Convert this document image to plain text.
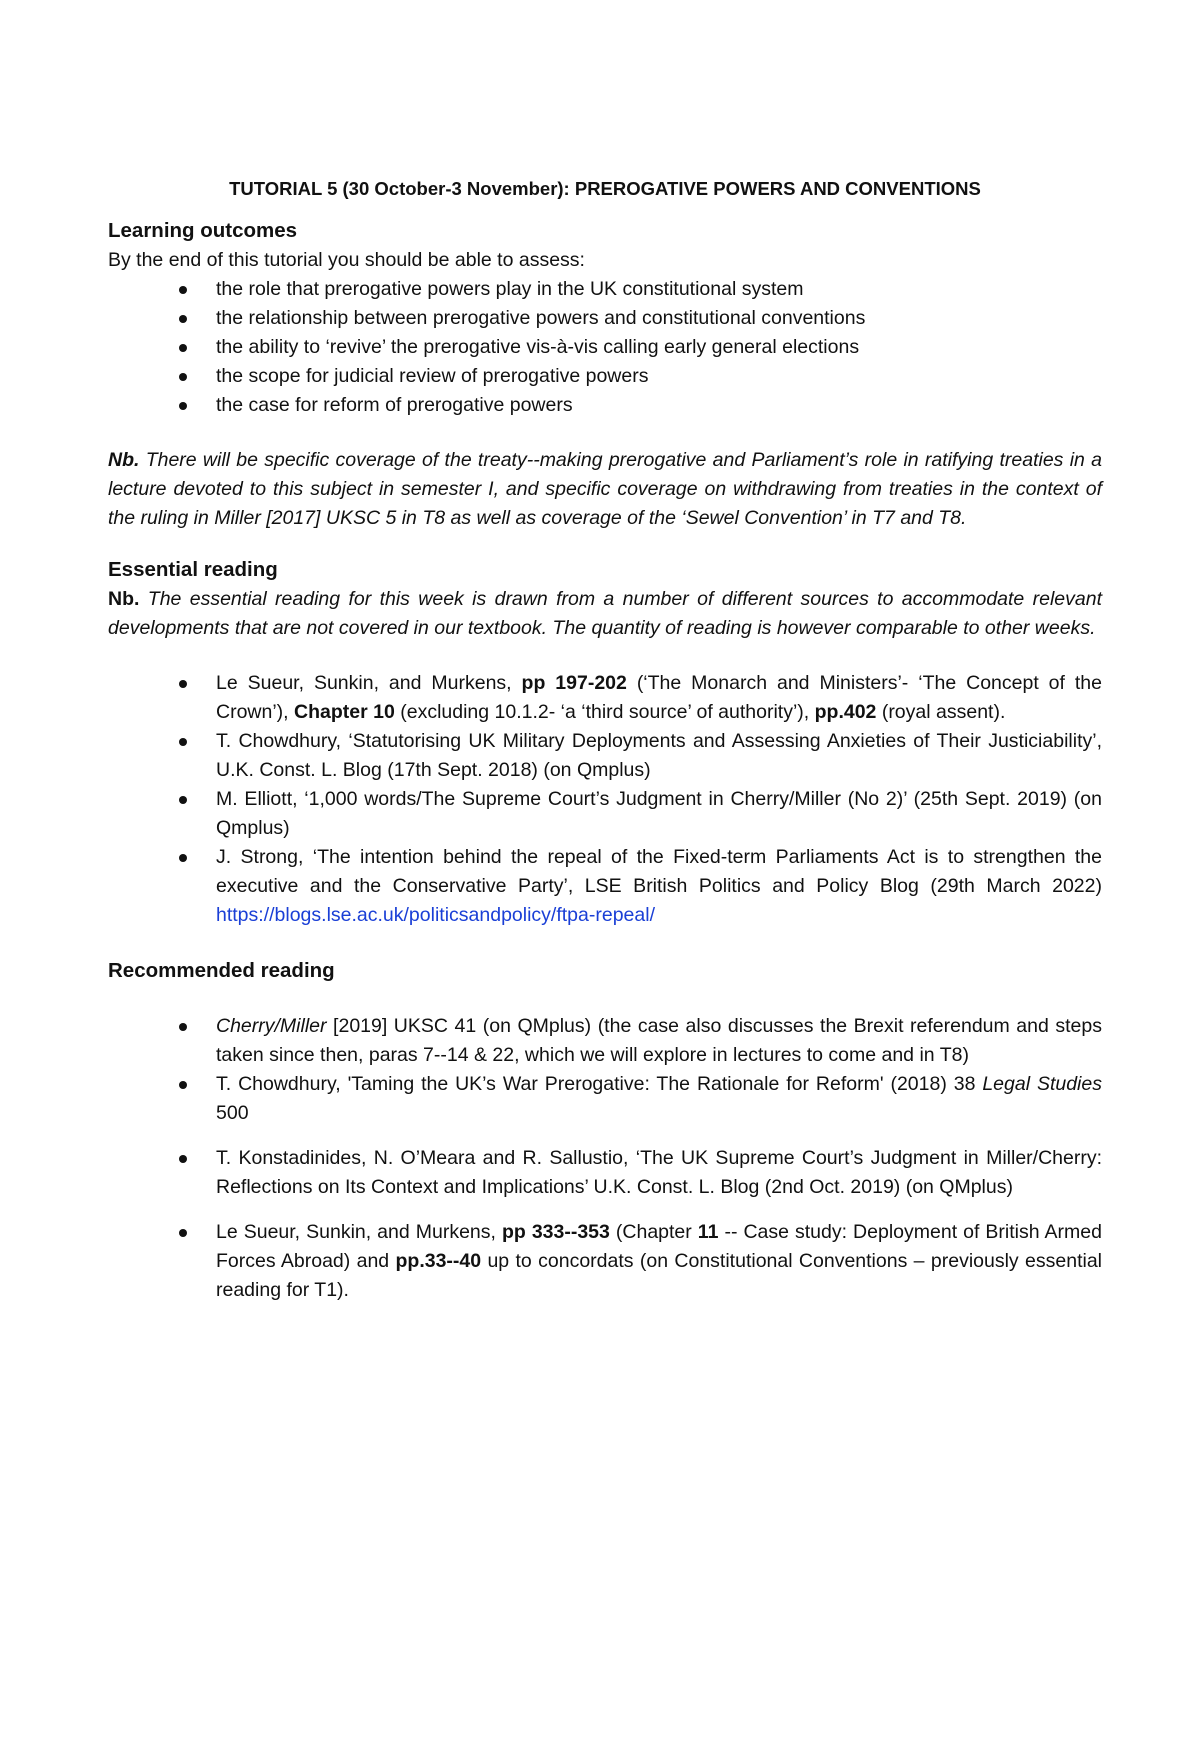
TUTORIAL 5 (30 October-3 November): PREROGATIVE POWERS AND CONVENTIONS

Learning outcomes

By the end of this tutorial you should be able to assess:

the role that prerogative powers play in the UK constitutional system
the relationship between prerogative powers and constitutional conventions
the ability to ‘revive’ the prerogative vis-à-vis calling early general elections
the scope for judicial review of prerogative powers
the case for reform of prerogative powers

Nb. There will be specific coverage of the treaty--making prerogative and Parliament’s role in ratifying treaties in a lecture devoted to this subject in semester I, and specific coverage on withdrawing from treaties in the context of the ruling in Miller [2017] UKSC 5 in T8 as well as coverage of the ‘Sewel Convention’ in T7 and T8.

Essential reading

Nb. The essential reading for this week is drawn from a number of different sources to accommodate relevant developments that are not covered in our textbook. The quantity of reading is however comparable to other weeks.

Le Sueur, Sunkin, and Murkens, pp 197-202 (‘The Monarch and Ministers’- ‘The Concept of the Crown’), Chapter 10 (excluding 10.1.2- ‘a ‘third source’ of authority’), pp.402 (royal assent).
T. Chowdhury, ‘Statutorising UK Military Deployments and Assessing Anxieties of Their Justiciability’, U.K. Const. L. Blog (17th Sept. 2018) (on Qmplus)
M. Elliott, ‘1,000 words/The Supreme Court’s Judgment in Cherry/Miller (No 2)’ (25th Sept. 2019) (on Qmplus)
J. Strong, ‘The intention behind the repeal of the Fixed-term Parliaments Act is to strengthen the executive and the Conservative Party’, LSE British Politics and Policy Blog (29th March 2022) https://blogs.lse.ac.uk/politicsandpolicy/ftpa-repeal/

Recommended reading

Cherry/Miller [2019] UKSC 41 (on QMplus) (the case also discusses the Brexit referendum and steps taken since then, paras 7--14 & 22, which we will explore in lectures to come and in T8)
T. Chowdhury, 'Taming the UK’s War Prerogative: The Rationale for Reform' (2018) 38 Legal Studies 500
T. Konstadinides, N. O’Meara and R. Sallustio, ‘The UK Supreme Court’s Judgment in Miller/Cherry: Reflections on Its Context and Implications’ U.K. Const. L. Blog (2nd Oct. 2019) (on QMplus)
Le Sueur, Sunkin, and Murkens, pp 333--353 (Chapter 11 -- Case study: Deployment of British Armed Forces Abroad) and pp.33--40 up to concordats (on Constitutional Conventions – previously essential reading for T1).
